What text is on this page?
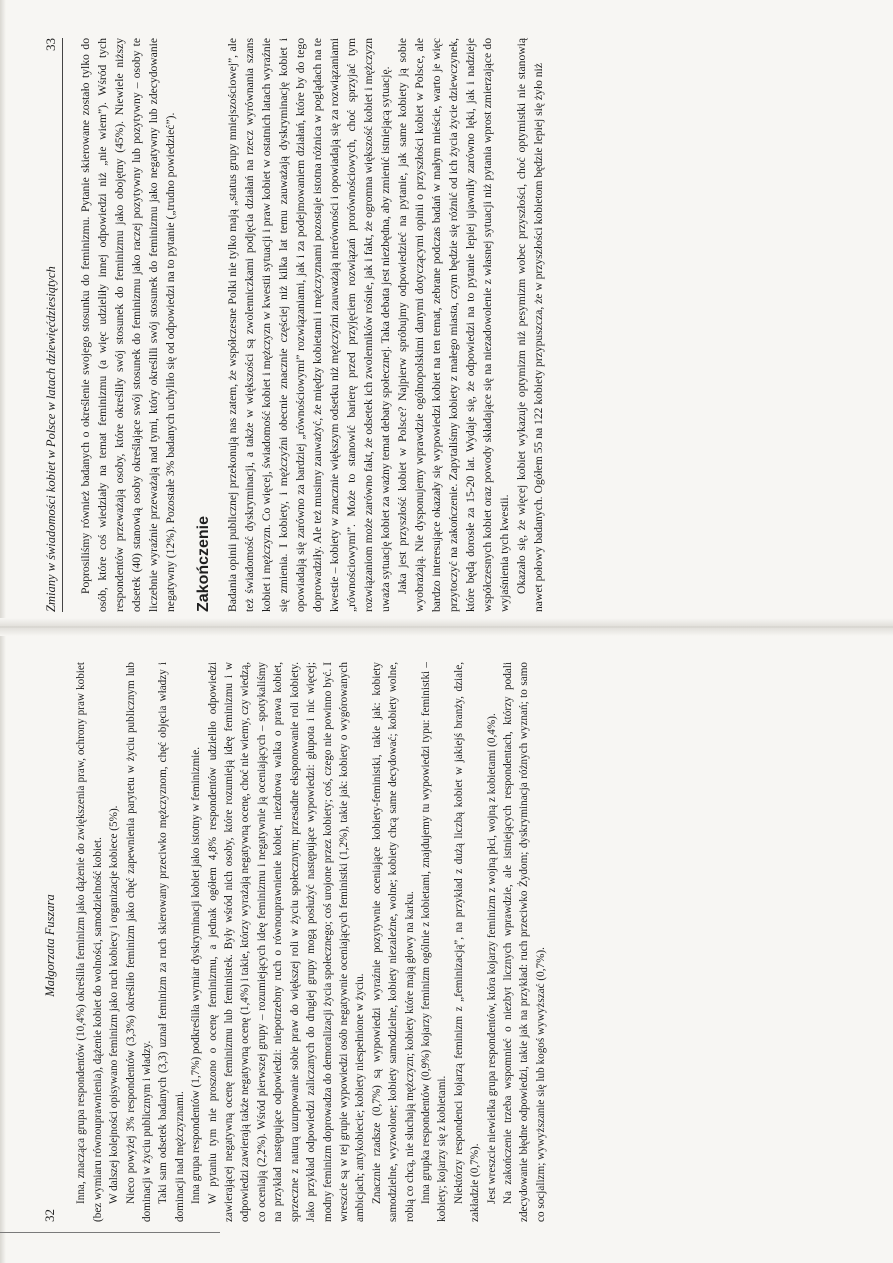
Zmiany w świadomości kobiet w Polsce w latach dziewięćdziesiątych
33 Poprosiliśmy również badanych o określenie swojego stosunku do feminizmu. Pytanie skierowane zostało tylko do osób, które coś wiedziały na temat feminizmu (a więc udzieliły innej odpowiedzi niż „nie wiem”). Wśród tych respondentów przeważają osoby, które określiły swój stosunek do feminizmu jako obojętny (45%). Niewiele niższy odsetek (40) stanowią osoby określające swój stosunek do feminizmu jako raczej pozytywny lub pozytywny – osoby te liczebnie wyraźnie przeważają nad tymi, który określili swój stosunek do feminizmu jako negatywny lub zdecydowanie negatywny (12%). Pozostałe 3% badanych uchyliło się od odpowiedzi na to pytanie („trudno powiedzieć”). Zakończenie Badania opinii publicznej przekonują nas zatem, że współczesne Polki nie tylko mają „status grupy mniejszościowej”, ale też świadomość dyskryminacji, a także w większości są zwolenniczkami podjęcia działań na rzecz wyrównania szans kobiet i mężczyzn. Co więcej, świadomość kobiet i mężczyzn w kwestii sytuacji i praw kobiet w ostatnich latach wyraźnie się zmienia. I kobiety, i mężczyźni obecnie znacznie częściej niż kilka lat temu zauważają dyskryminację kobiet i opowiadają się zarówno za bardziej „równościowymi” rozwiązaniami, jak i za podejmowaniem działań, które by do tego doprowadziły. Ale też musimy zauważyć, że między kobietami i mężczyznami pozostaje istotna różnica w poglądach na te kwestie – kobiety w znacznie większym odsetku niż mężczyźni zauważają nierówności i opowiadają się za rozwiązaniami „równościowymi”. Może to stanowić barierę przed przyjęciem rozwiązań prorównościowych, choć sprzyjać tym rozwiązaniom może zarówno fakt, że odsetek ich zwolenników rośnie, jak i fakt, że ogromna większość kobiet i mężczyzn uważa sytuację kobiet za ważny temat debaty społecznej. Taka debata jest niezbędna, aby zmienić istniejącą sytuację. Jaka jest przyszłość kobiet w Polsce? Najpierw spróbujmy odpowiedzieć na pytanie, jak same kobiety ją sobie wyobrażają. Nie dysponujemy wprawdzie ogólnopolskimi danymi dotyczącymi opinii o przyszłości kobiet w Polsce, ale bardzo interesujące okazały się wypowiedzi kobiet na ten temat, zebrane podczas badań w małym mieście, warto je więc przytoczyć na zakończenie. Zapytaliśmy kobiety z małego miasta, czym będzie się różnić od ich życia życie dziewczynek, które będą dorosłe za 15-20 lat. Wydaje się, że odpowiedzi na to pytanie lepiej ujawniły zarówno lęki, jak i nadzieje współczesnych kobiet oraz powody składające się na niezadowolenie z własnej sytuacji niż pytania wprost zmierzające do wyjaśnienia tych kwestii. Okazało się, że więcej kobiet wykazuje optymizm niż pesymizm wobec przyszłości, choć optymistki nie stanowią nawet połowy badanych. Ogółem 55 na 122 kobiety przypuszcza, że w przyszłości kobietom będzie lepiej się żyło niż

32
Małgorzata Fuszara Inna, znacząca grupa respondentów (10,4%) określiła feminizm jako dążenie do zwiększenia praw, ochrony praw kobiet (bez wymiaru równouprawnienia), dążenie kobiet do wolności, samodzielność kobiet. W dalszej kolejności opisywano feminizm jako ruch kobiecy i organizacje kobiece (5%). Nieco powyżej 3% respondentów (3,3%) określiło feminizm jako chęć zapewnienia parytetu w życiu publicznym lub dominacji w życiu publicznym i władzy. Taki sam odsetek badanych (3,3) uznał feminizm za ruch skierowany przeciwko mężczyznom, chęć objęcia władzy i dominacji nad mężczyznami. Inna grupa respondentów (1,7%) podkreśliła wymiar dyskryminacji kobiet jako istotny w feminizmie. W pytaniu tym nie proszono o ocenę feminizmu, a jednak ogółem 4,8% respondentów udzieliło odpowiedzi zawierającej negatywną ocenę feminizmu lub feministek. Były wśród nich osoby, które rozumieją ideę feminizmu i w odpowiedzi zawierają także negatywną ocenę (1,4%) i takie, którzy wyrażają negatywną ocenę, choć nie wiemy, czy wiedzą, co oceniają (2,2%). Wśród pierwszej grupy – rozumiejących ideę feminizmu i negatywnie ją oceniających – spotykaliśmy na przykład następujące odpowiedzi: niepotrzebny ruch o równouprawnienie kobiet, niezdrowa walka o prawa kobiet, sprzeczne z naturą uzurpowanie sobie praw do większej roli w życiu społecznym; przesadne eksponowanie roli kobiety. Jako przykład odpowiedzi zaliczanych do drugiej grupy mogą posłużyć następujące wypowiedzi: głupota i nic więcej; modny feminizm doprowadza do demoralizacji życia społecznego; coś urojone przez kobiety; coś, czego nie powinno być. I wreszcie są w tej grupie wypowiedzi osób negatywnie oceniających feministki (1,2%), takie jak: kobiety o wygórowanych ambicjach; antykobiecie; kobiety niespełnione w życiu. Znacznie rzadsze (0,7%) są wypowiedzi wyraźnie pozytywnie oceniające kobiety-feministki, takie jak: kobiety samodzielne, wyzwolone; kobiety samodzielne, kobiety niezależne, wolne; kobiety chcą same decydować; kobiety wolne, robią co chcą, nie słuchają mężczyzn; kobiety które mają głowy na karku. Inna grupka respondentów (0,9%) kojarzy feminizm ogólnie z kobietami, znajdujemy tu wypowiedzi typu: feministki – kobiety; kojarzy się z kobietami. Niektórzy respondenci kojarzą feminizm z „feminizacją”, na przykład z dużą liczbą kobiet w jakiejś branży, dziale, zakładzie (0,7%). Jest wreszcie niewielka grupa respondentów, która kojarzy feminizm z wojną płci, wojną z kobietami (0,4%). Na zakończenie trzeba wspomnieć o niezbyt licznych wprawdzie, ale istniejących respondentach, którzy podali zdecydowanie błędne odpowiedzi, takie jak na przykład: ruch przeciwko Żydom; dyskryminacja różnych wyznań; to samo co socjalizm; wywyższanie się lub kogoś wywyższać (0,7%).
